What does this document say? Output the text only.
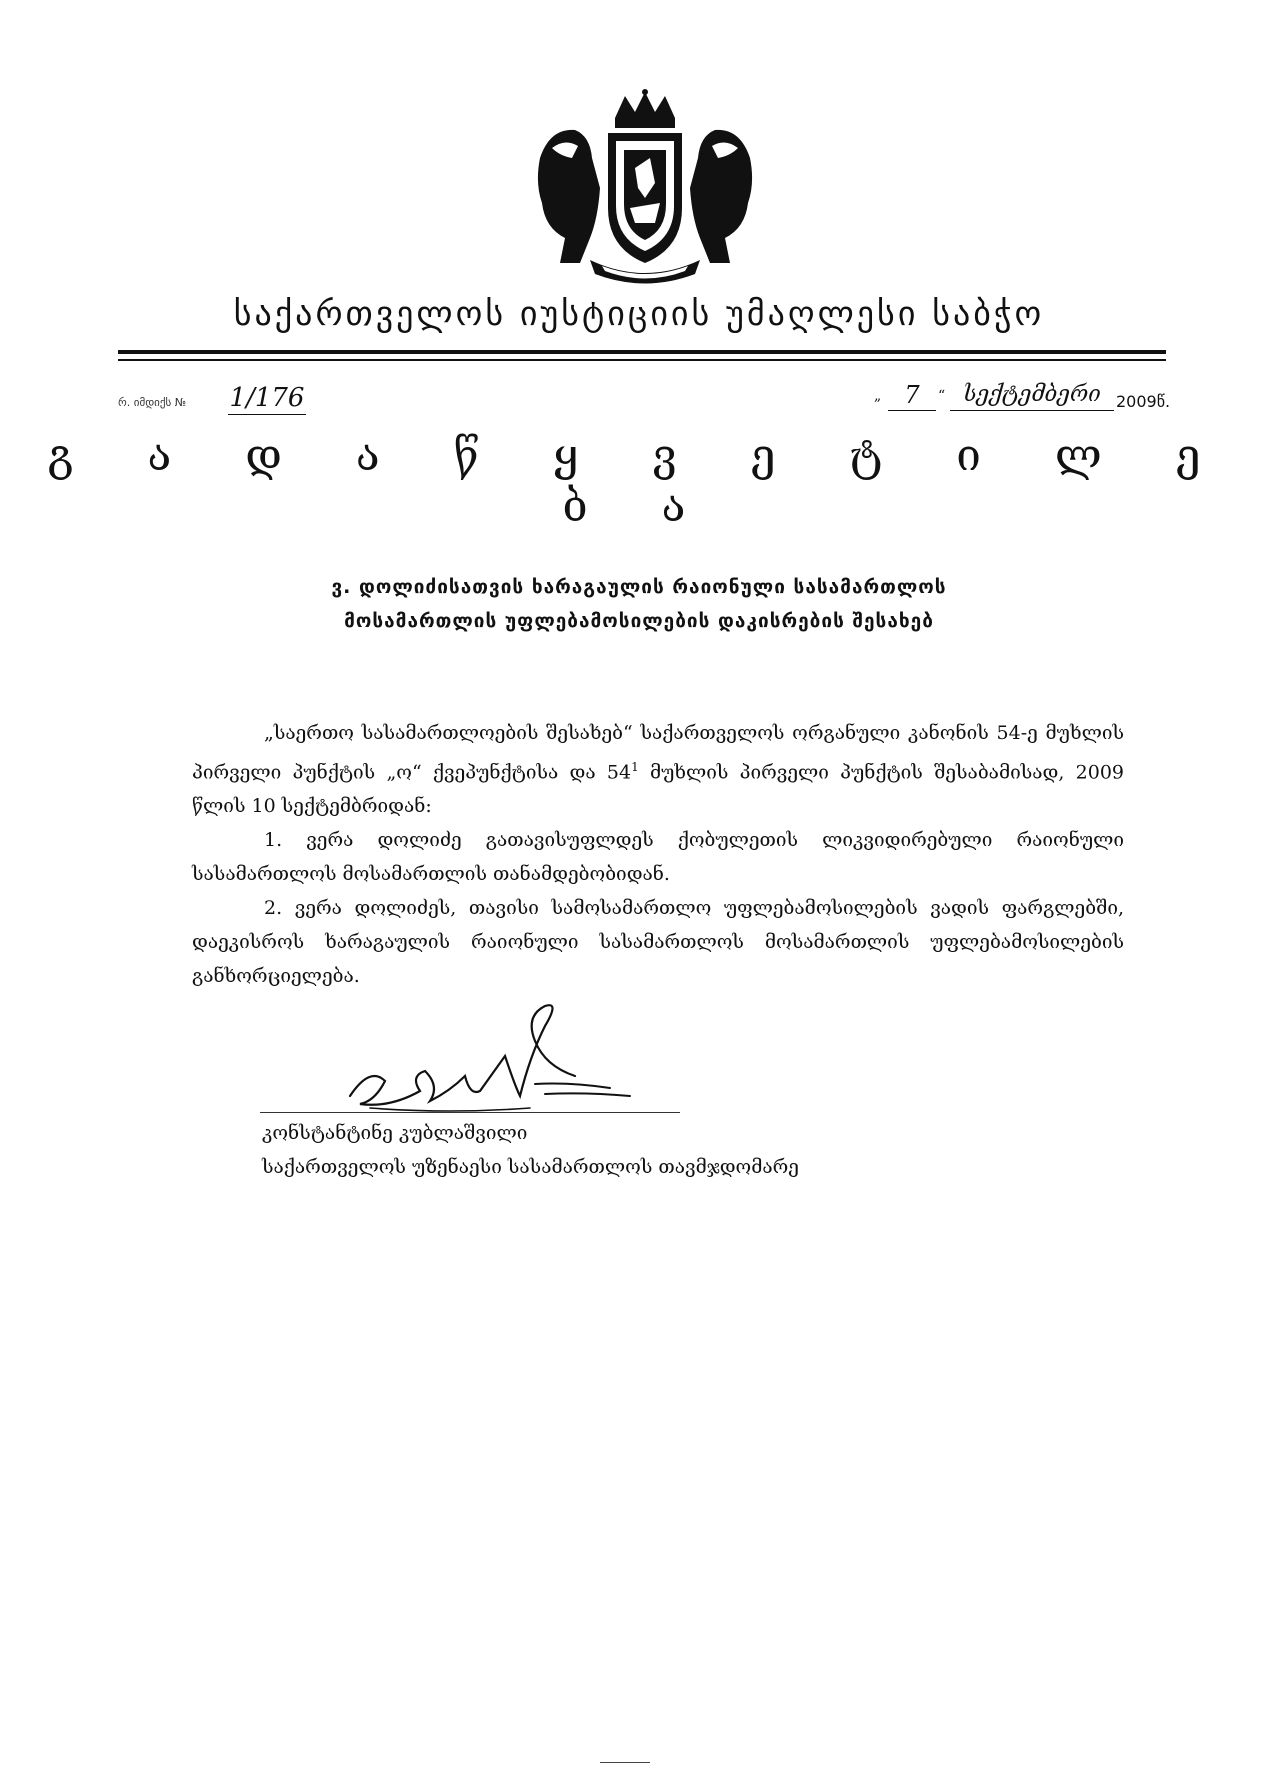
საქართველოს იუსტიციის უმაღლესი საბჭო
რ. იმდიქს № 1/176	„ 7	“ სექტემბერი 2009წ.
გ ა დ ა წ ყ ვ ე ტ ი ლ ე ბ ა
ვ. დოლიძისათვის ხარაგაულის რაიონული სასამართლოს
მოსამართლის უფლებამოსილების დაკისრების შესახებ

„საერთო სასამართლოების შესახებ“ საქართველოს ორგანული კანონის 54-ე მუხლის პირველი პუნქტის „ო“ ქვეპუნქტისა და $54^1$ მუხლის პირველი პუნქტის შესაბამისად, 2009 წლის 10 სექტემბრიდან:

1. ვერა დოლიძე გათავისუფლდეს ქობულეთის ლიკვიდირებული რაიონული სასამართლოს მოსამართლის თანამდებობიდან.

2. ვერა დოლიძეს, თავისი სამოსამართლო უფლებამოსილების ვადის ფარგლებში, დაეკისროს ხარაგაულის რაიონული სასამართლოს მოსამართლის უფლებამოსილების განხორციელება.

კონსტანტინე კუბლაშვილი
საქართველოს უზენაესი სასამართლოს თავმჯდომარე
